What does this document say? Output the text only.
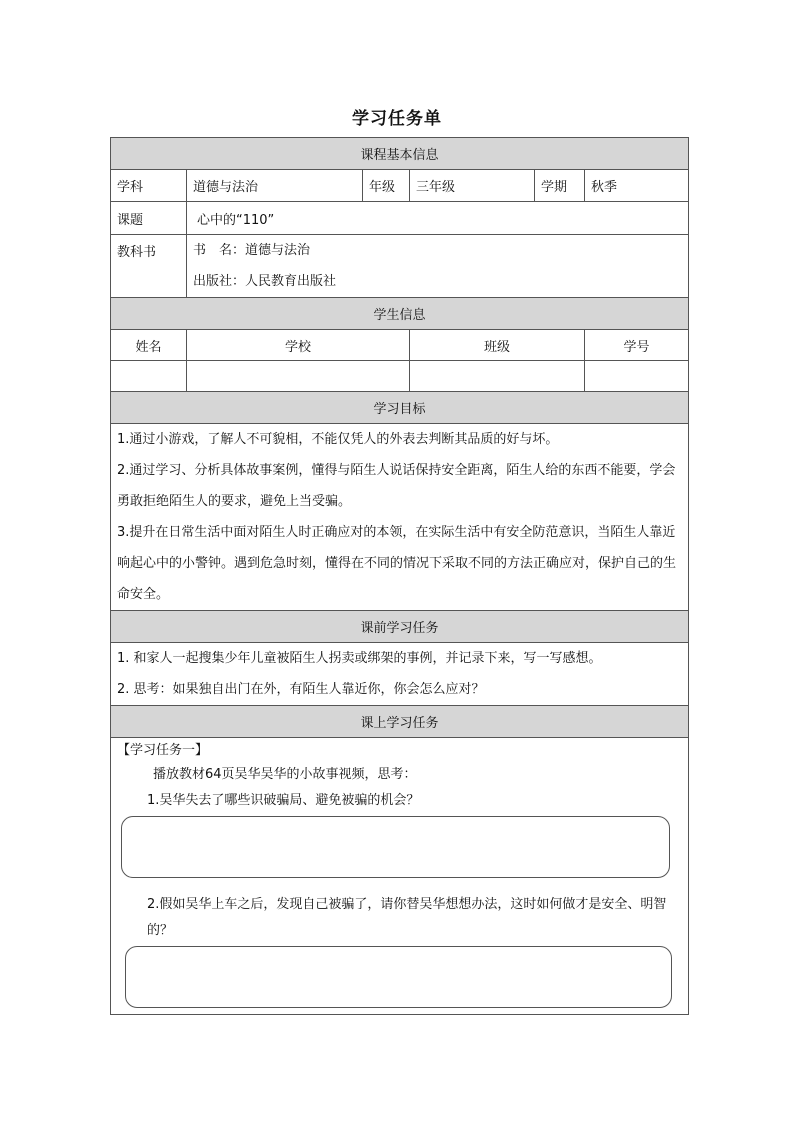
学习任务单
课程基本信息					
学科	道德与法治	年级	三年级	学期	秋季
课题	心中的“110”				
教科书	书　名：道德与法治

出版社：人民教育出版社				

学生信息					
姓名	学校		班级		学号

学习目标					

1.通过小游戏，了解人不可貌相，不能仅凭人的外表去判断其品质的好与坏。

2.通过学习、分析具体故事案例，懂得与陌生人说话保持安全距离，陌生人给的东西不能要，学会勇敢拒绝陌生人的要求，避免上当受骗。

3.提升在日常生活中面对陌生人时正确应对的本领，在实际生活中有安全防范意识，当陌生人靠近响起心中的小警钟。遇到危急时刻，懂得在不同的情况下采取不同的方法正确应对，保护自己的生命安全。					

课前学习任务					

1. 和家人一起搜集少年儿童被陌生人拐卖或绑架的事例，并记录下来，写一写感想。

2. 思考：如果独自出门在外，有陌生人靠近你，你会怎么应对？					

课上学习任务					

【学习任务一】
播放教材64页吴华吴华的小故事视频，思考：
1.吴华失去了哪些识破骗局、避免被骗的机会？
2.假如吴华上车之后，发现自己被骗了，请你替吴华想想办法，这时如何做才是安全、明智的？					
